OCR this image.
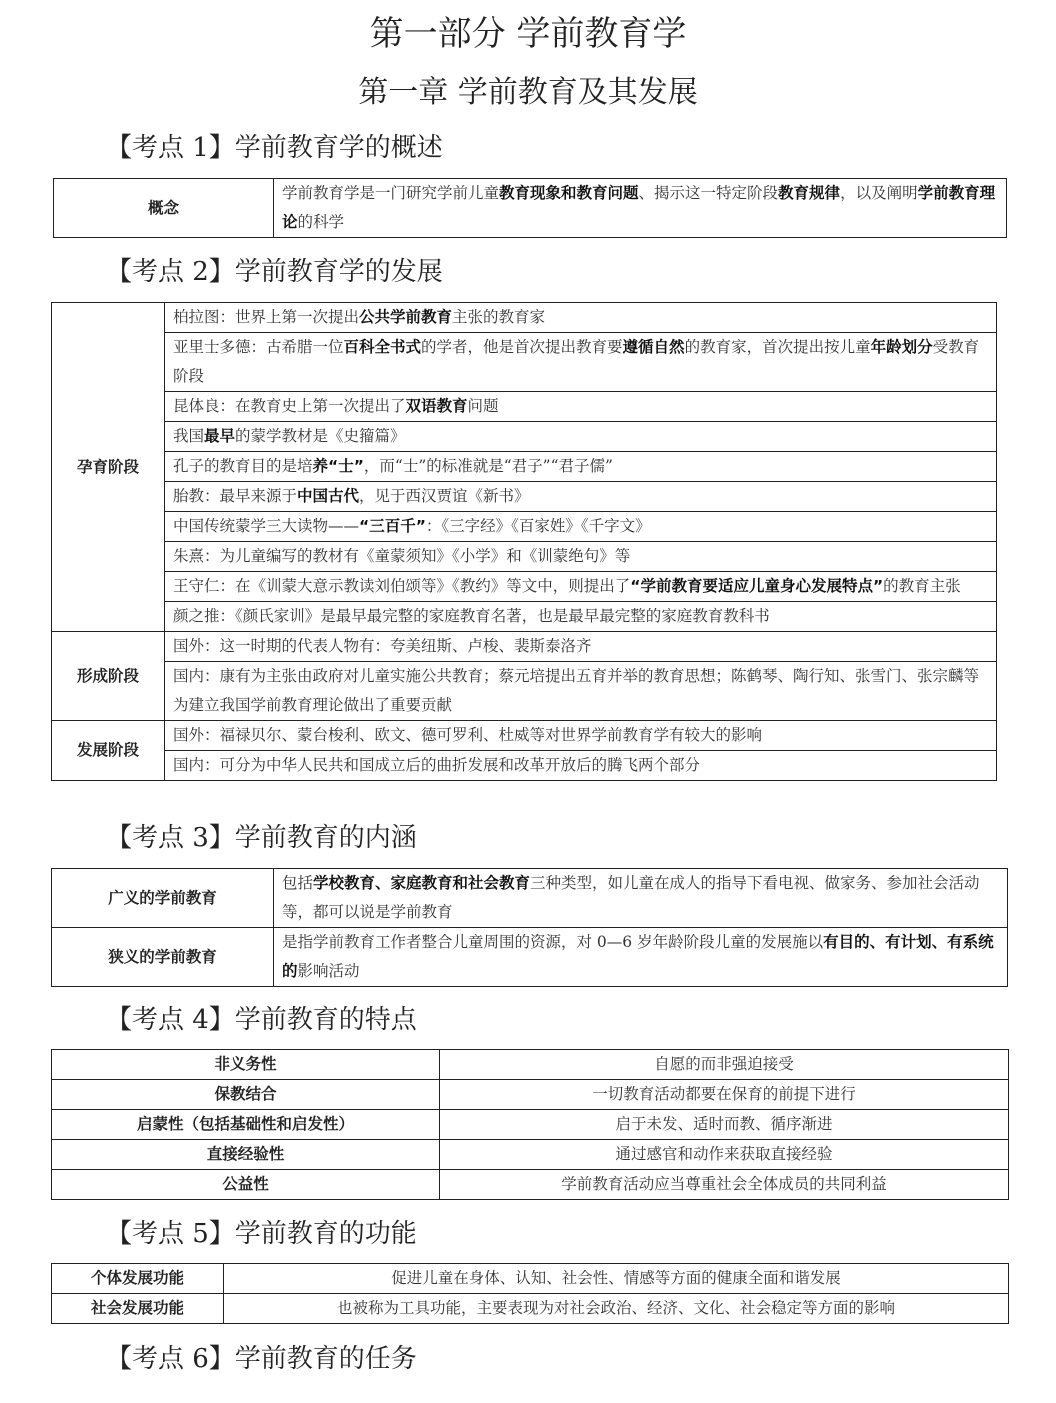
第一部分 学前教育学
第一章 学前教育及其发展
【考点 1】学前教育学的概述
概念	学前教育学是一门研究学前儿童教育现象和教育问题、揭示这一特定阶段教育规律，以及阐明学前教育理论的科学
【考点 2】学前教育学的发展
孕育阶段	柏拉图：世界上第一次提出公共学前教育主张的教育家
	亚里士多德：古希腊一位百科全书式的学者，他是首次提出教育要遵循自然的教育家，首次提出按儿童年龄划分受教育阶段
	昆体良：在教育史上第一次提出了双语教育问题
	我国最早的蒙学教材是《史籀篇》
	孔子的教育目的是培养“士”，而“士”的标准就是“君子”“君子儒”
	胎教：最早来源于中国古代，见于西汉贾谊《新书》
	中国传统蒙学三大读物——“三百千”：《三字经》《百家姓》《千字文》
	朱熹：为儿童编写的教材有《童蒙须知》《小学》和《训蒙绝句》等
	王守仁：在《训蒙大意示教读刘伯颂等》《教约》等文中，则提出了“学前教育要适应儿童身心发展特点”的教育主张
	颜之推：《颜氏家训》是最早最完整的家庭教育名著，也是最早最完整的家庭教育教科书
形成阶段	国外：这一时期的代表人物有：夸美纽斯、卢梭、裴斯泰洛齐
	国内：康有为主张由政府对儿童实施公共教育；蔡元培提出五育并举的教育思想；陈鹤琴、陶行知、张雪门、张宗麟等为建立我国学前教育理论做出了重要贡献
发展阶段	国外：福禄贝尔、蒙台梭利、欧文、德可罗利、杜威等对世界学前教育学有较大的影响
	国内：可分为中华人民共和国成立后的曲折发展和改革开放后的腾飞两个部分
【考点 3】学前教育的内涵
广义的学前教育	包括学校教育、家庭教育和社会教育三种类型，如儿童在成人的指导下看电视、做家务、参加社会活动等，都可以说是学前教育
狭义的学前教育	是指学前教育工作者整合儿童周围的资源，对 0—6 岁年龄阶段儿童的发展施以有目的、有计划、有系统的影响活动
【考点 4】学前教育的特点
非义务性	自愿的而非强迫接受
保教结合	一切教育活动都要在保育的前提下进行
启蒙性（包括基础性和启发性）	启于未发、适时而教、循序渐进
直接经验性	通过感官和动作来获取直接经验
公益性	学前教育活动应当尊重社会全体成员的共同利益
【考点 5】学前教育的功能
个体发展功能	促进儿童在身体、认知、社会性、情感等方面的健康全面和谐发展
社会发展功能	也被称为工具功能，主要表现为对社会政治、经济、文化、社会稳定等方面的影响
【考点 6】学前教育的任务
